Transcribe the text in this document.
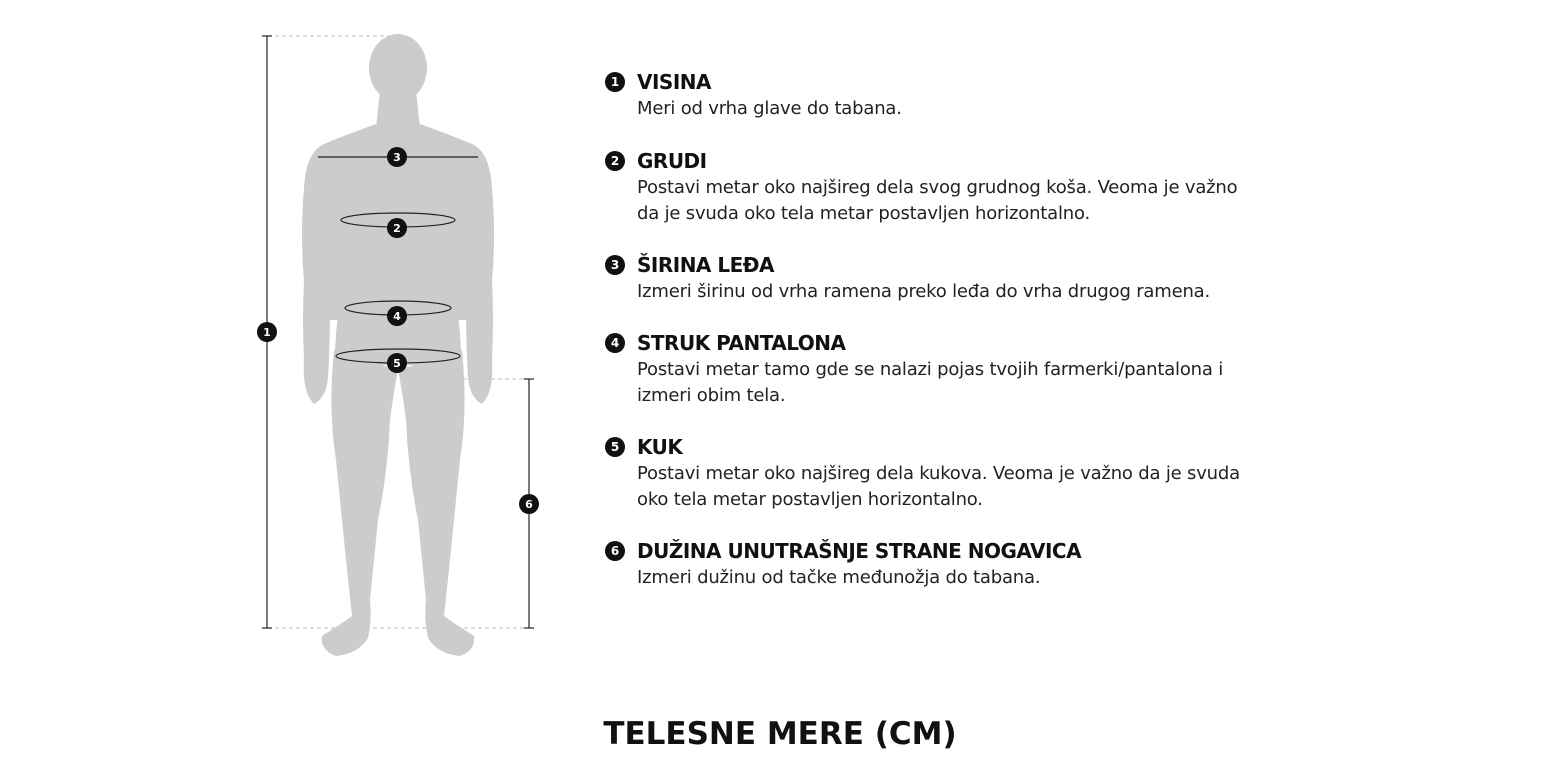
1
3
2
4
5
6
1 VISINA
Meri od vrha glave do tabana.
2 GRUDI
Postavi metar oko najšireg dela svog grudnog koša. Veoma je važno da je svuda oko tela metar postavljen horizontalno.
3 ŠIRINA LEĐA
Izmeri širinu od vrha ramena preko leđa do vrha drugog ramena.
4 STRUK PANTALONA
Postavi metar tamo gde se nalazi pojas tvojih farmerki/pantalona i izmeri obim tela.
5 KUK
Postavi metar oko najšireg dela kukova. Veoma je važno da je svuda oko tela metar postavljen horizontalno.
6 DUŽINA UNUTRAŠNJE STRANE NOGAVICA
Izmeri dužinu od tačke međunožja do tabana.
TELESNE MERE (CM)
